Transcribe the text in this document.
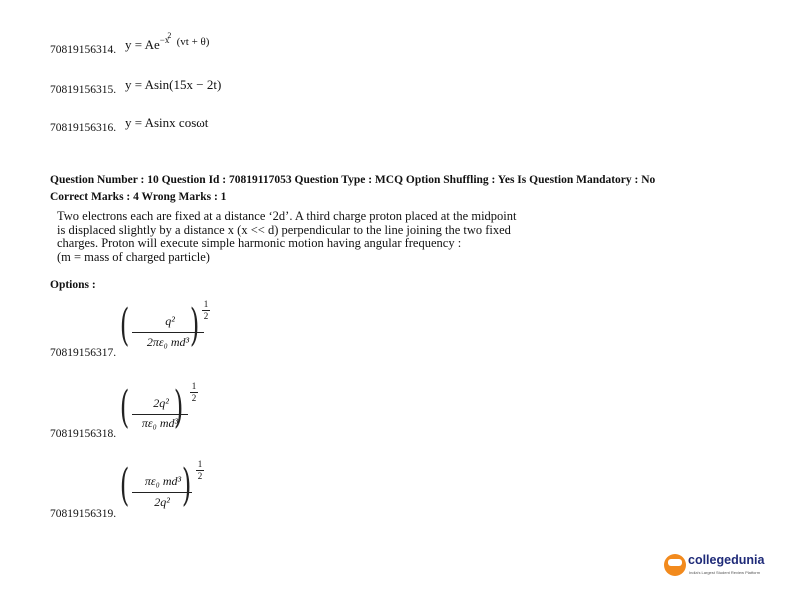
70819156314. $y = Ae^{-x2}$ $^{(vt + \theta)}$
70819156315. y = Asin(15x − 2t)
70819156316. y = Asinx cosωt
Question Number : 10 Question Id : 70819117053 Question Type : MCQ Option Shuffling : Yes Is Question Mandatory : No
Correct Marks : 4 Wrong Marks : 1
Two electrons each are fixed at a distance ‘2d’. A third charge proton placed at the midpoint
is displaced slightly by a distance x (x << d) perpendicular to the line joining the two fixed
charges. Proton will execute simple harmonic motion having angular frequency :
(m = mass of charged particle)
Options :
70819156317.
(	q²
2πε₀ md³ ) 1
2
70819156318.
(	2q²
πε₀ md³
) 1
2
70819156319.
(	πε₀ md³
2q² ) 1
2
collegedunia
India's Largest Student Review Platform
